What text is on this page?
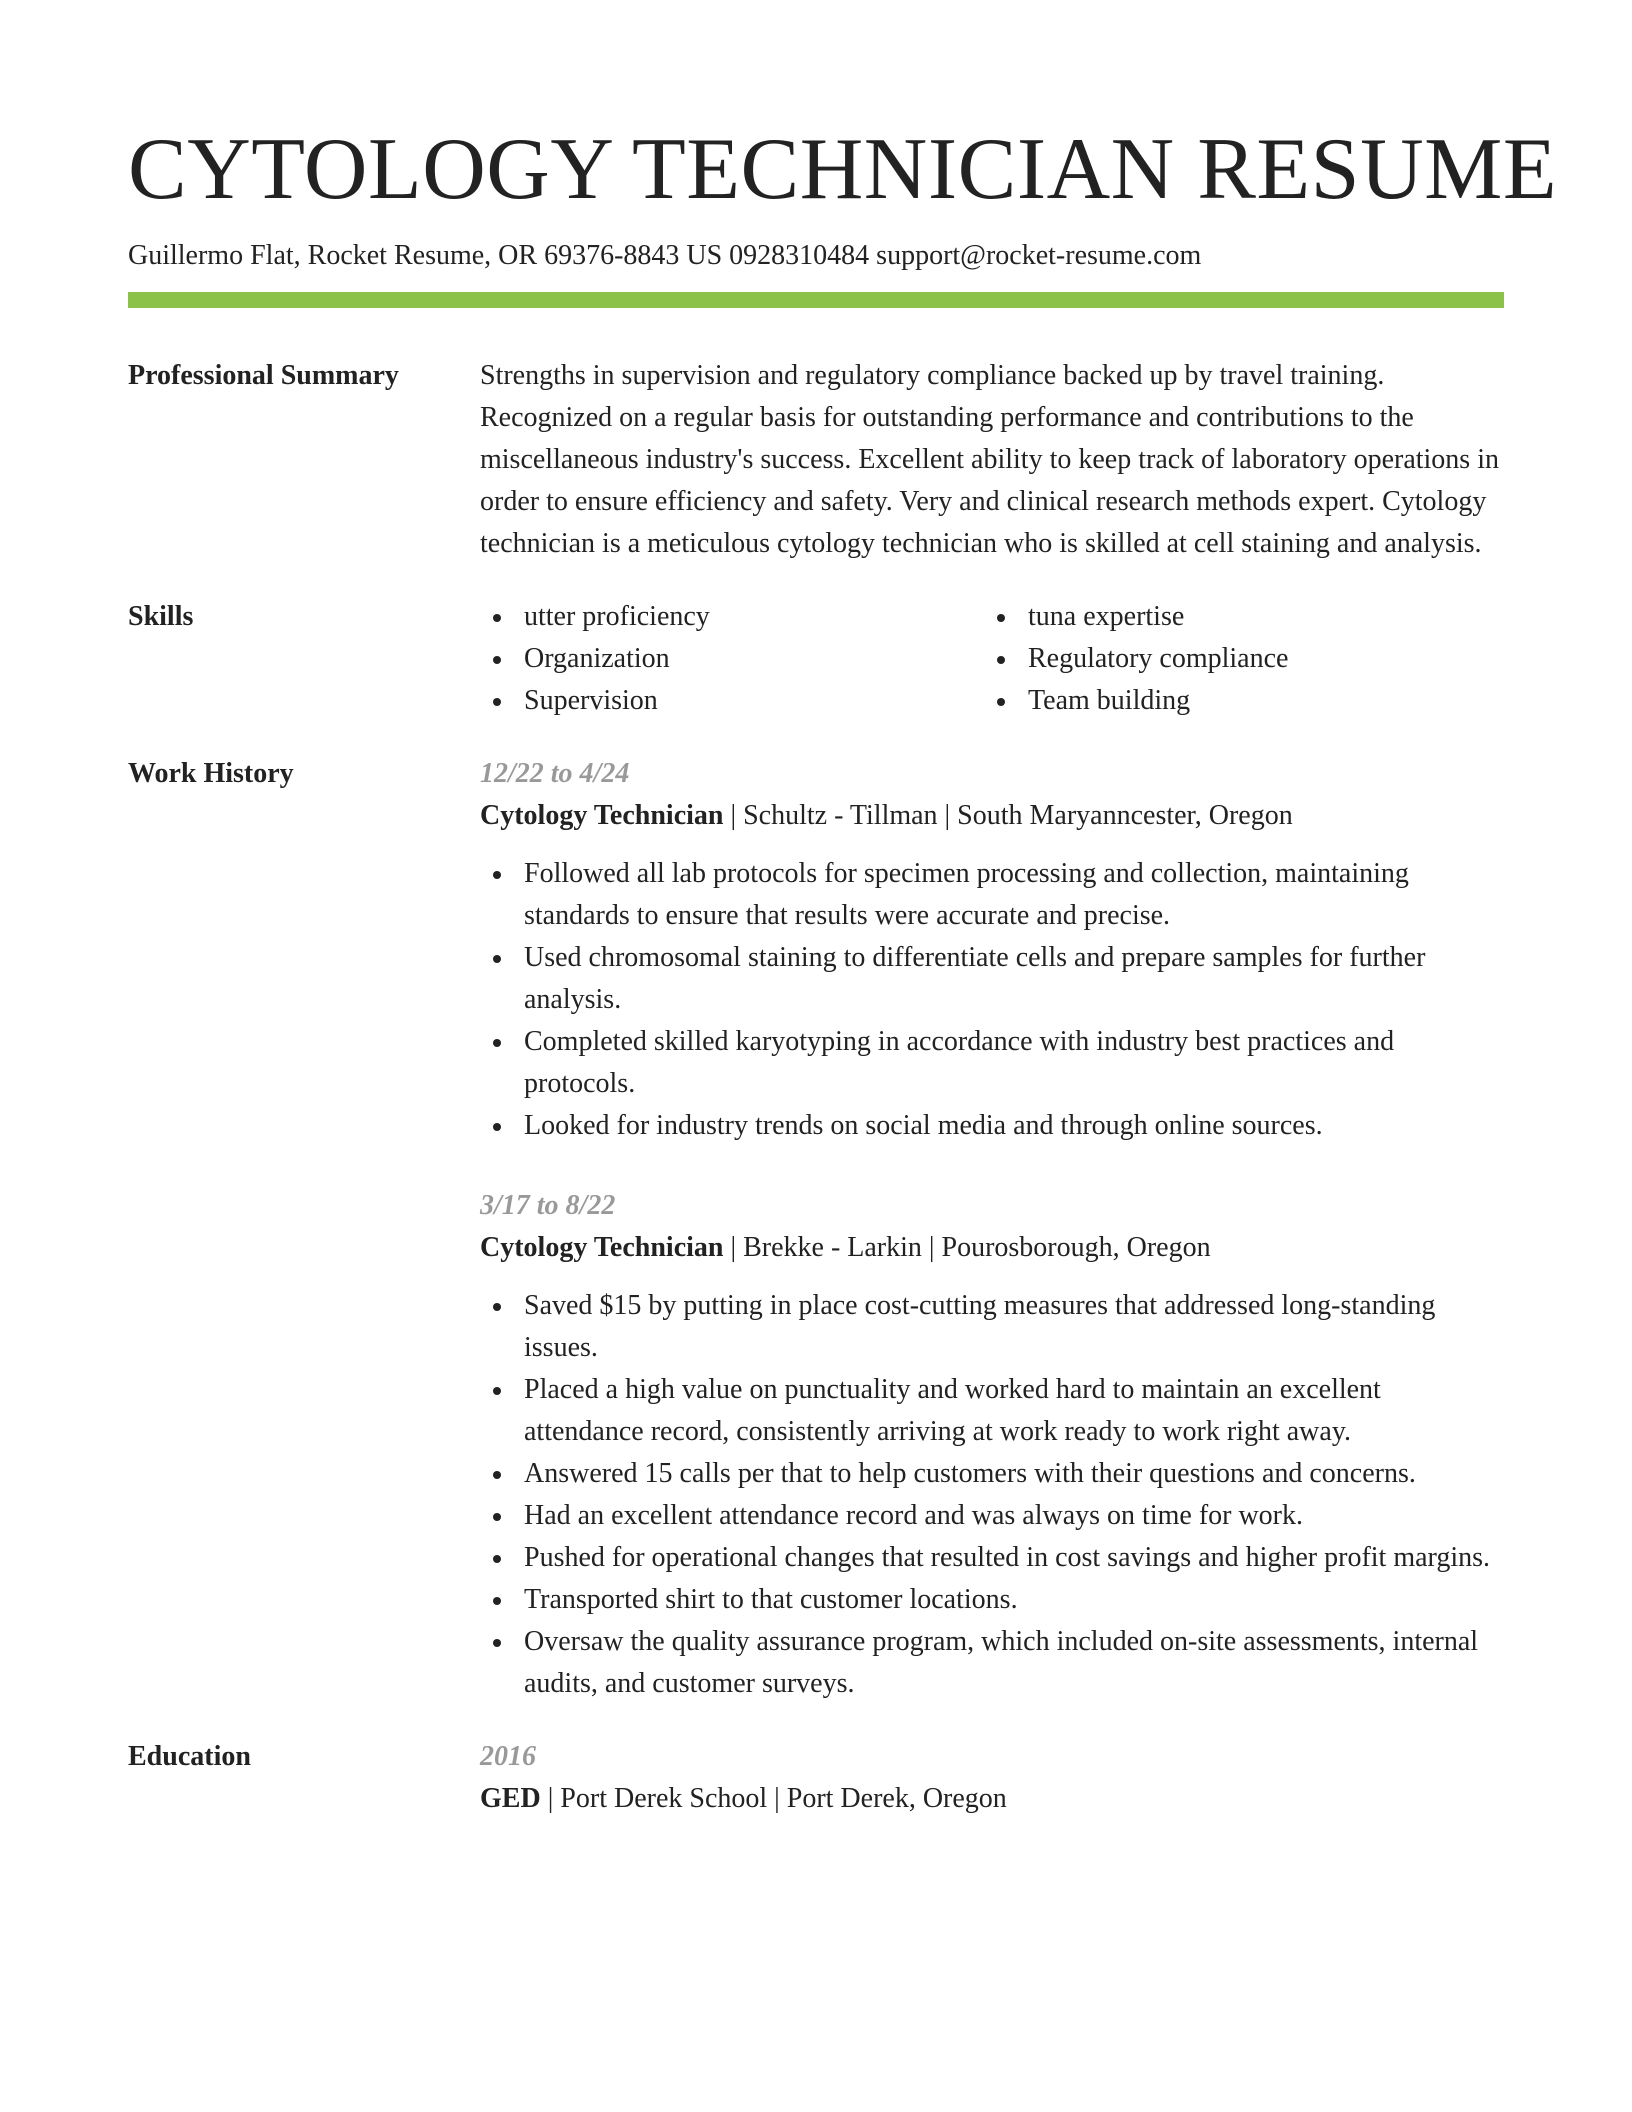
CYTOLOGY TECHNICIAN RESUME
Guillermo Flat, Rocket Resume, OR 69376-8843 US 0928310484 support@rocket-resume.com
Professional Summary	Strengths in supervision and regulatory compliance backed up by travel training. Recognized on a regular basis for outstanding performance and contributions to the miscellaneous industry's success. Excellent ability to keep track of laboratory operations in order to ensure efficiency and safety. Very and clinical research methods expert. Cytology technician is a meticulous cytology technician who is skilled at cell staining and analysis.
Skills	utter proficiency	tuna expertise
Organization	Regulatory compliance
Supervision	Team building
Work History	12/22 to 4/24
Cytology Technician | Schultz - Tillman | South Maryanncester, Oregon
Followed all lab protocols for specimen processing and collection, maintaining standards to ensure that results were accurate and precise.
Used chromosomal staining to differentiate cells and prepare samples for further analysis.
Completed skilled karyotyping in accordance with industry best practices and protocols.
Looked for industry trends on social media and through online sources.
3/17 to 8/22
Cytology Technician | Brekke - Larkin | Pourosborough, Oregon
Saved $15 by putting in place cost-cutting measures that addressed long-standing issues.
Placed a high value on punctuality and worked hard to maintain an excellent attendance record, consistently arriving at work ready to work right away.
Answered 15 calls per that to help customers with their questions and concerns.
Had an excellent attendance record and was always on time for work.
Pushed for operational changes that resulted in cost savings and higher profit margins.
Transported shirt to that customer locations.
Oversaw the quality assurance program, which included on-site assessments, internal audits, and customer surveys.
Education	2016
GED | Port Derek School | Port Derek, Oregon
